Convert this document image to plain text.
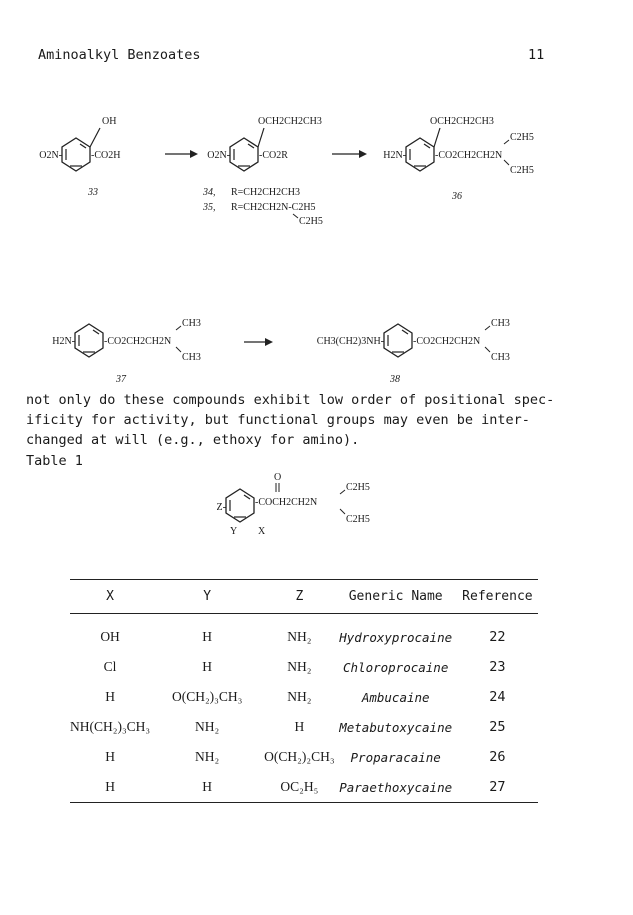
Aminoalkyl Benzoates	11
OH
O2N-	-CO2H
33
OCH2CH2CH3
O2N-	-CO2R
34, R=CH2CH2CH3
35, R=CH2CH2N-C2H5
C2H5
OCH2CH2CH3
H2N-	-CO2CH2CH2N
C2H5
C2H5
36
H2N-	-CO2CH2CH2N
CH3
CH3
37
CH3(CH2)3NH-	-CO2CH2CH2N
CH3
CH3
38
not only do these compounds exhibit low order of positional spec-
ificity for activity, but functional groups may even be inter-
changed at will (e.g., ethoxy for amino).
Table 1
O
Z-	-COCH2CH2N
C2H5
C2H5
Y X
X	Y	Z	Generic Name	Reference
OH	H	NH₂	Hydroxyprocaine	22
Cl	H	NH₂	Chloroprocaine	23
H	O(CH₂)₃CH₃	NH₂	Ambucaine	24
NH(CH₂)₃CH₃	NH₂	H	Metabutoxycaine	25
H	NH₂	O(CH₂)₂CH₃	Proparacaine	26
H	H	OC₂H₅	Paraethoxycaine	27
